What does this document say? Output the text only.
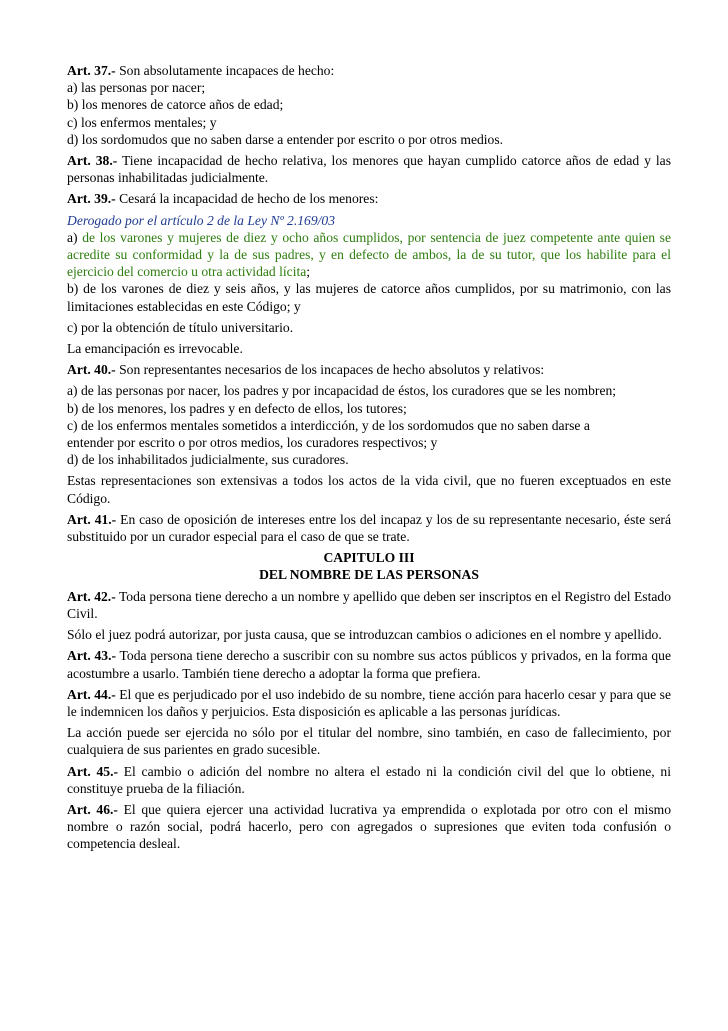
Art. 37.- Son absolutamente incapaces de hecho:
a) las personas por nacer;
b) los menores de catorce años de edad;
c) los enfermos mentales; y
d) los sordomudos que no saben darse a entender por escrito o por otros medios.
Art. 38.- Tiene incapacidad de hecho relativa, los menores que hayan cumplido catorce años de edad y las personas inhabilitadas judicialmente.
Art. 39.- Cesará la incapacidad de hecho de los menores:
Derogado por el artículo 2 de la Ley Nº 2.169/03
a) de los varones y mujeres de diez y ocho años cumplidos, por sentencia de juez competente ante quien se acredite su conformidad y la de sus padres, y en defecto de ambos, la de su tutor, que los habilite para el ejercicio del comercio u otra actividad lícita;
b) de los varones de diez y seis años, y las mujeres de catorce años cumplidos, por su matrimonio, con las limitaciones establecidas en este Código; y
c) por la obtención de título universitario.
La emancipación es irrevocable.
Art. 40.- Son representantes necesarios de los incapaces de hecho absolutos y relativos:
a) de las personas por nacer, los padres y por incapacidad de éstos, los curadores que se les nombren;
b) de los menores, los padres y en defecto de ellos, los tutores;
c) de los enfermos mentales sometidos a interdicción, y de los sordomudos que no saben darse a
entender por escrito o por otros medios, los curadores respectivos; y
d) de los inhabilitados judicialmente, sus curadores.
Estas representaciones son extensivas a todos los actos de la vida civil, que no fueren exceptuados en este Código.
Art. 41.- En caso de oposición de intereses entre los del incapaz y los de su representante necesario, éste será substituido por un curador especial para el caso de que se trate.
CAPITULO III
DEL NOMBRE DE LAS PERSONAS
Art. 42.- Toda persona tiene derecho a un nombre y apellido que deben ser inscriptos en el Registro del Estado Civil.
Sólo el juez podrá autorizar, por justa causa, que se introduzcan cambios o adiciones en el nombre y apellido.
Art. 43.- Toda persona tiene derecho a suscribir con su nombre sus actos públicos y privados, en la forma que acostumbre a usarlo. También tiene derecho a adoptar la forma que prefiera.
Art. 44.- El que es perjudicado por el uso indebido de su nombre, tiene acción para hacerlo cesar y para que se le indemnicen los daños y perjuicios. Esta disposición es aplicable a las personas jurídicas.
La acción puede ser ejercida no sólo por el titular del nombre, sino también, en caso de fallecimiento, por cualquiera de sus parientes en grado sucesible.
Art. 45.- El cambio o adición del nombre no altera el estado ni la condición civil del que lo obtiene, ni constituye prueba de la filiación.
Art. 46.- El que quiera ejercer una actividad lucrativa ya emprendida o explotada por otro con el mismo nombre o razón social, podrá hacerlo, pero con agregados o supresiones que eviten toda confusión o competencia desleal.
